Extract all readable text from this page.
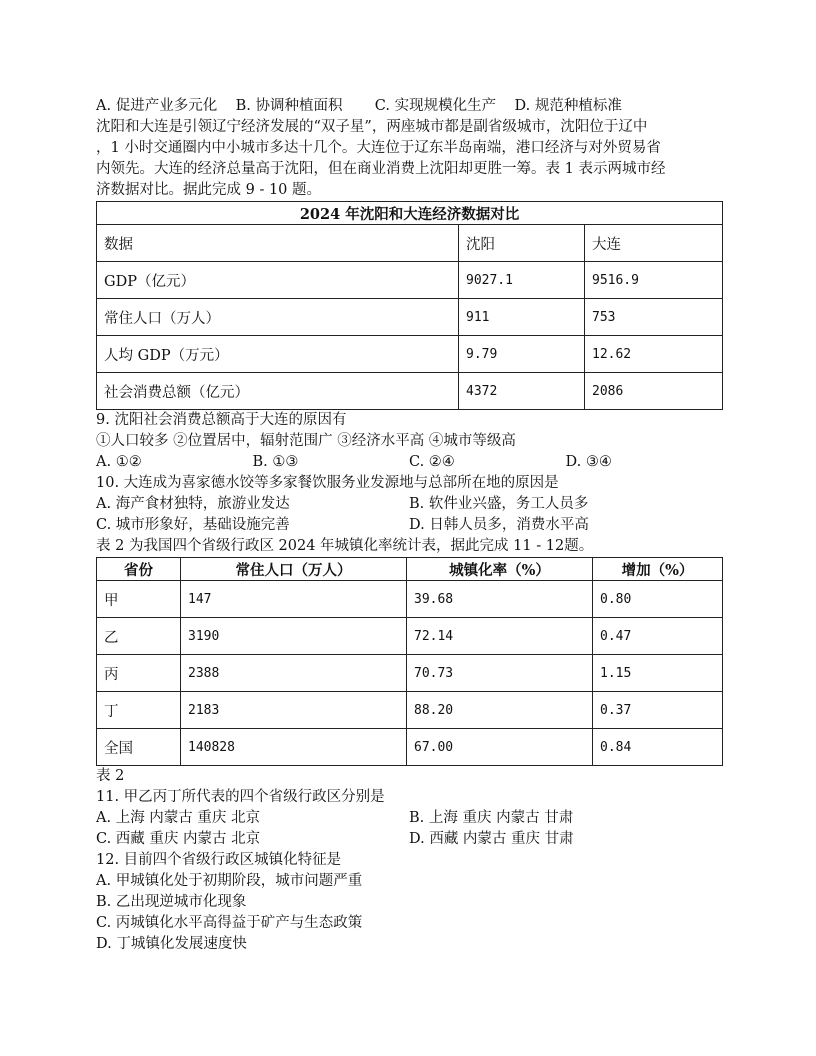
A. 促进产业多元化 B. 协调种植面积 C. 实现规模化生产 D. 规范种植标准
沈阳和大连是引领辽宁经济发展的“双子星”，两座城市都是副省级城市，沈阳位于辽中
，1 小时交通圈内中小城市多达十几个。大连位于辽东半岛南端，港口经济与对外贸易省
内领先。大连的经济总量高于沈阳，但在商业消费上沈阳却更胜一筹。表 1 表示两城市经
济数据对比。据此完成 9 - 10 题。
2024 年沈阳和大连经济数据对比		
数据	沈阳	大连
GDP（亿元）	9027.1	9516.9
常住人口（万人）	911	753
人均 GDP（万元）	9.79	12.62
社会消费总额（亿元）	4372	2086
9. 沈阳社会消费总额高于大连的原因有
①人口较多 ②位置居中，辐射范围广 ③经济水平高 ④城市等级高
A. ①②	B. ①③	C. ②④	D. ③④
10. 大连成为喜家德水饺等多家餐饮服务业发源地与总部所在地的原因是
A. 海产食材独特，旅游业发达	B. 软件业兴盛，务工人员多
C. 城市形象好，基础设施完善	D. 日韩人员多，消费水平高
表 2 为我国四个省级行政区 2024 年城镇化率统计表，据此完成 11 - 12题。
省份	常住人口（万人）	城镇化率（%）	增加（%）
甲	147	39.68	0.80
乙	3190	72.14	0.47
丙	2388	70.73	1.15
丁	2183	88.20	0.37
全国	140828	67.00	0.84
表 2
11. 甲乙丙丁所代表的四个省级行政区分别是
A. 上海 内蒙古 重庆 北京	B. 上海 重庆 内蒙古 甘肃
C. 西藏 重庆 内蒙古 北京	D. 西藏 内蒙古 重庆 甘肃
12. 目前四个省级行政区城镇化特征是
A. 甲城镇化处于初期阶段，城市问题严重
B. 乙出现逆城市化现象
C. 丙城镇化水平高得益于矿产与生态政策
D. 丁城镇化发展速度快
